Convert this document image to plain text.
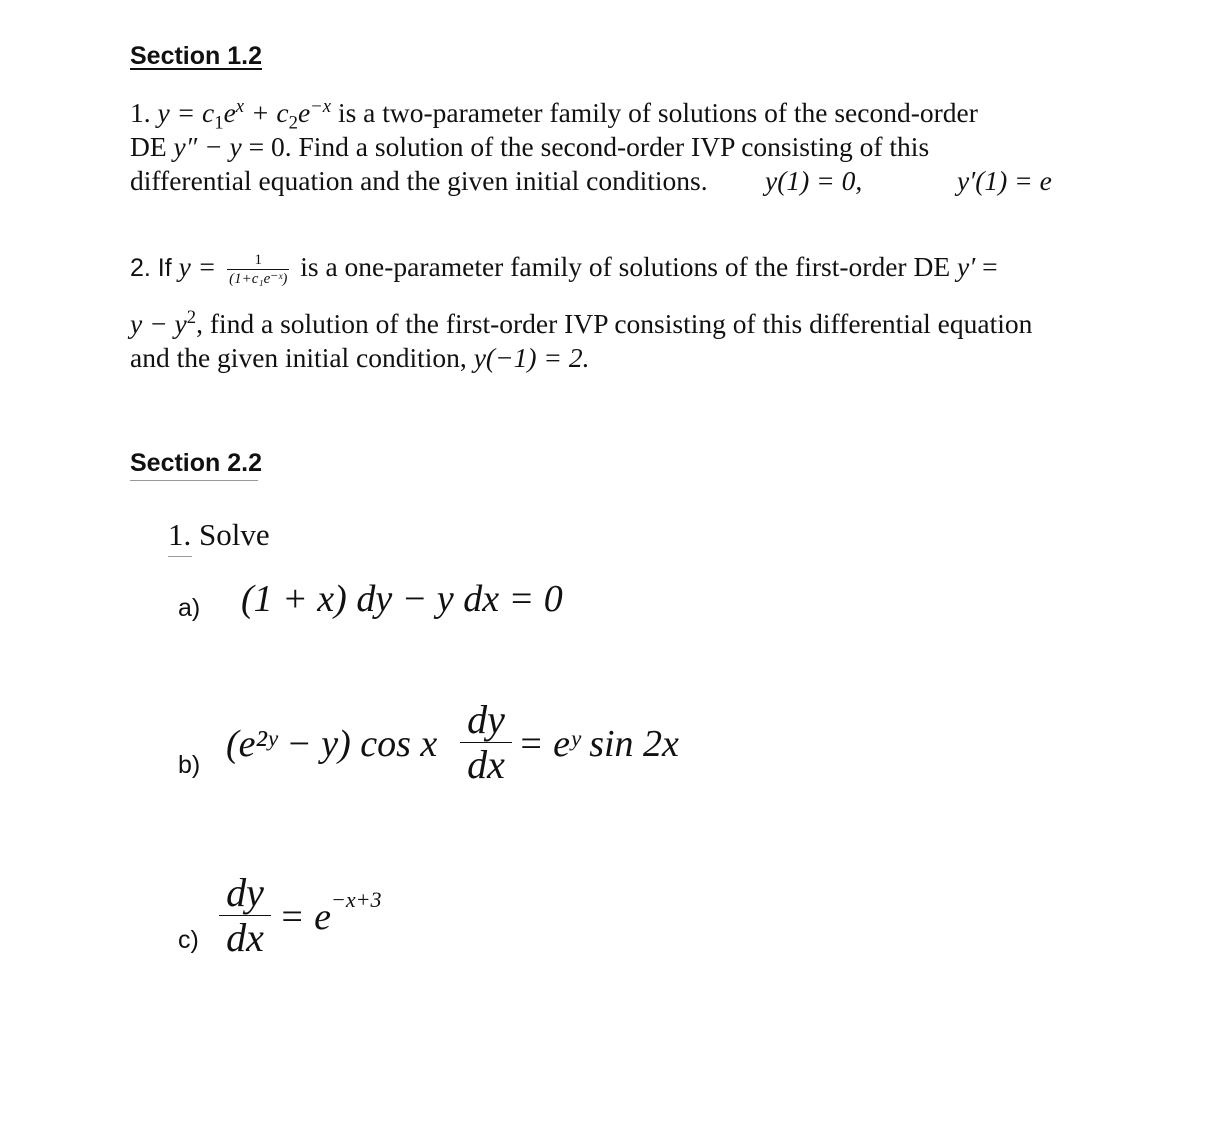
Section 1.2
1. $y = c_1e^x + c_2e^{-x}$ is a two-parameter family of solutions of the second-order
DE y″ − y = 0. Find a solution of the second-order IVP consisting of this
differential equation and the given initial conditions. y(1) = 0,	y′(1) = e
2. If $y = \frac{1}{\text{(1+c₁e⁻ˣ)}}$ is a one-parameter family of solutions of the first-order DE y′ =
$y - y^2$, find a solution of the first-order IVP consisting of this differential equation
and the given initial condition, y(−1) = 2.
Section 2.2
1. Solve
a) (1 + x) dy − y dx = 0
b) (e²ʸ − y) cos x $\frac{dy}{dx}$ = eʸ sin 2x
$c) \frac{dy}{dx} = e^{-x+3}$
